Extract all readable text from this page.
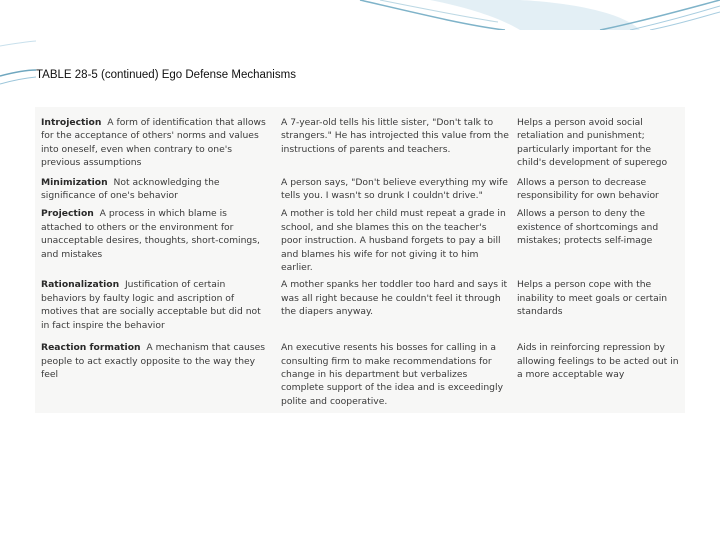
TABLE 28-5 (continued) Ego Defense Mechanisms
Introjection A form of identification that allows for the acceptance of others' norms and values into oneself, even when contrary to one's previous assumptions	A 7-year-old tells his little sister, "Don't talk to strangers." He has introjected this value from the instructions of parents and teachers.	Helps a person avoid social retaliation and punishment; particularly important for the child's development of superego
Minimization Not acknowledging the significance of one's behavior	A person says, "Don't believe everything my wife tells you. I wasn't so drunk I couldn't drive."	Allows a person to decrease responsibility for own behavior
Projection A process in which blame is attached to others or the environment for unacceptable desires, thoughts, short-comings, and mistakes	A mother is told her child must repeat a grade in school, and she blames this on the teacher's poor instruction. A husband forgets to pay a bill and blames his wife for not giving it to him earlier.	Allows a person to deny the existence of shortcomings and mistakes; protects self-image
Rationalization Justification of certain behaviors by faulty logic and ascription of motives that are socially acceptable but did not in fact inspire the behavior	A mother spanks her toddler too hard and says it was all right because he couldn't feel it through the diapers anyway.	Helps a person cope with the inability to meet goals or certain standards
Reaction formation A mechanism that causes people to act exactly opposite to the way they feel	An executive resents his bosses for calling in a consulting firm to make recommendations for change in his department but verbalizes complete support of the idea and is exceedingly polite and cooperative.	Aids in reinforcing repression by allowing feelings to be acted out in a more acceptable way
